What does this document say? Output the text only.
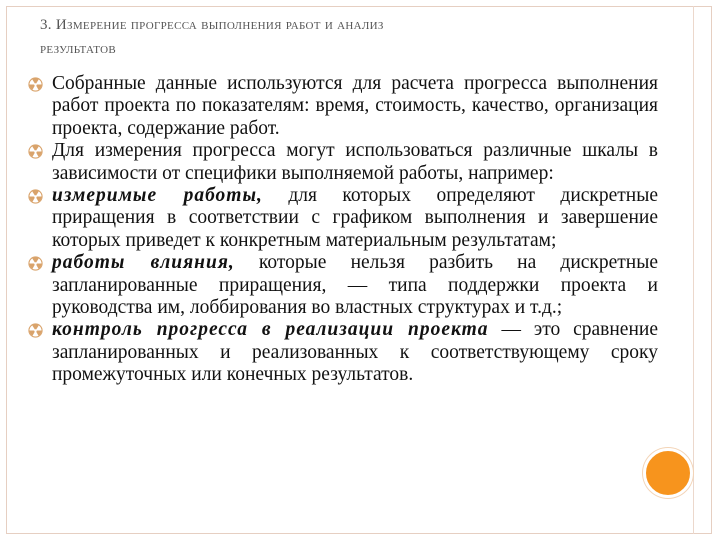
3. Измерение прогресса выполнения работ и анализ
результатов
Собранные данные используются для расчета прогресса выполнения работ проекта по показателям: время, стоимость, качество, организация проекта, содержание работ.
Для измерения прогресса могут использоваться различные шкалы в зависимости от специфики выполняемой работы, например:
измеримые работы, для которых определяют дискретные приращения в соответствии с графиком выполнения и завершение которых приведет к конкретным материальным результатам;
работы влияния, которые нельзя разбить на дискретные запланированные приращения, — типа поддержки проекта и руководства им, лоббирования во властных структурах и т.д.;
контроль прогресса в реализации проекта — это сравнение запланированных и реализованных к соответствующему сроку промежуточных или конечных результатов.
